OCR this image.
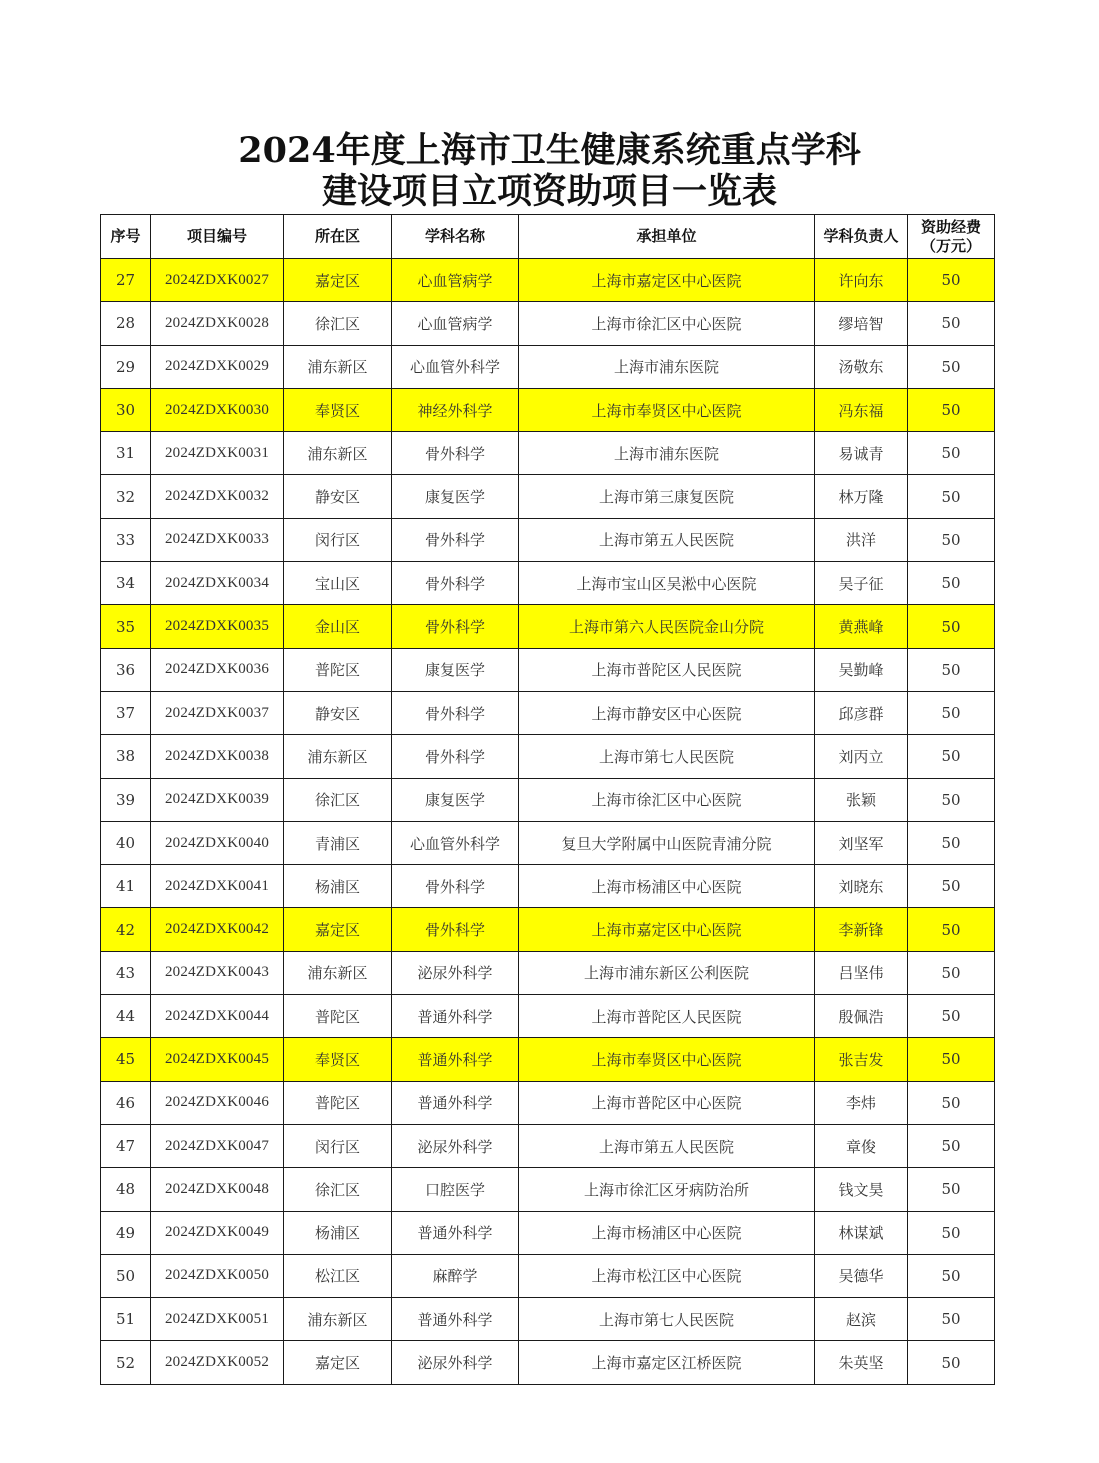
2024年度上海市卫生健康系统重点学科
建设项目立项资助项目一览表
序号	项目编号	所在区	学科名称	承担单位	学科负责人	资助经费
（万元）

27	2024ZDXK0027	嘉定区	心血管病学	上海市嘉定区中心医院	许向东	50
28	2024ZDXK0028	徐汇区	心血管病学	上海市徐汇区中心医院	缪培智	50
29	2024ZDXK0029	浦东新区	心血管外科学	上海市浦东医院	汤敬东	50
30	2024ZDXK0030	奉贤区	神经外科学	上海市奉贤区中心医院	冯东福	50
31	2024ZDXK0031	浦东新区	骨外科学	上海市浦东医院	易诚青	50
32	2024ZDXK0032	静安区	康复医学	上海市第三康复医院	林万隆	50
33	2024ZDXK0033	闵行区	骨外科学	上海市第五人民医院	洪洋	50
34	2024ZDXK0034	宝山区	骨外科学	上海市宝山区吴淞中心医院	吴子征	50
35	2024ZDXK0035	金山区	骨外科学	上海市第六人民医院金山分院	黄燕峰	50
36	2024ZDXK0036	普陀区	康复医学	上海市普陀区人民医院	吴勤峰	50
37	2024ZDXK0037	静安区	骨外科学	上海市静安区中心医院	邱彦群	50
38	2024ZDXK0038	浦东新区	骨外科学	上海市第七人民医院	刘丙立	50
39	2024ZDXK0039	徐汇区	康复医学	上海市徐汇区中心医院	张颖	50
40	2024ZDXK0040	青浦区	心血管外科学	复旦大学附属中山医院青浦分院	刘坚军	50
41	2024ZDXK0041	杨浦区	骨外科学	上海市杨浦区中心医院	刘晓东	50
42	2024ZDXK0042	嘉定区	骨外科学	上海市嘉定区中心医院	李新锋	50
43	2024ZDXK0043	浦东新区	泌尿外科学	上海市浦东新区公利医院	吕坚伟	50
44	2024ZDXK0044	普陀区	普通外科学	上海市普陀区人民医院	殷佩浩	50
45	2024ZDXK0045	奉贤区	普通外科学	上海市奉贤区中心医院	张吉发	50
46	2024ZDXK0046	普陀区	普通外科学	上海市普陀区中心医院	李炜	50
47	2024ZDXK0047	闵行区	泌尿外科学	上海市第五人民医院	章俊	50
48	2024ZDXK0048	徐汇区	口腔医学	上海市徐汇区牙病防治所	钱文昊	50
49	2024ZDXK0049	杨浦区	普通外科学	上海市杨浦区中心医院	林谋斌	50
50	2024ZDXK0050	松江区	麻醉学	上海市松江区中心医院	吴德华	50
51	2024ZDXK0051	浦东新区	普通外科学	上海市第七人民医院	赵滨	50
52	2024ZDXK0052	嘉定区	泌尿外科学	上海市嘉定区江桥医院	朱英坚	50
